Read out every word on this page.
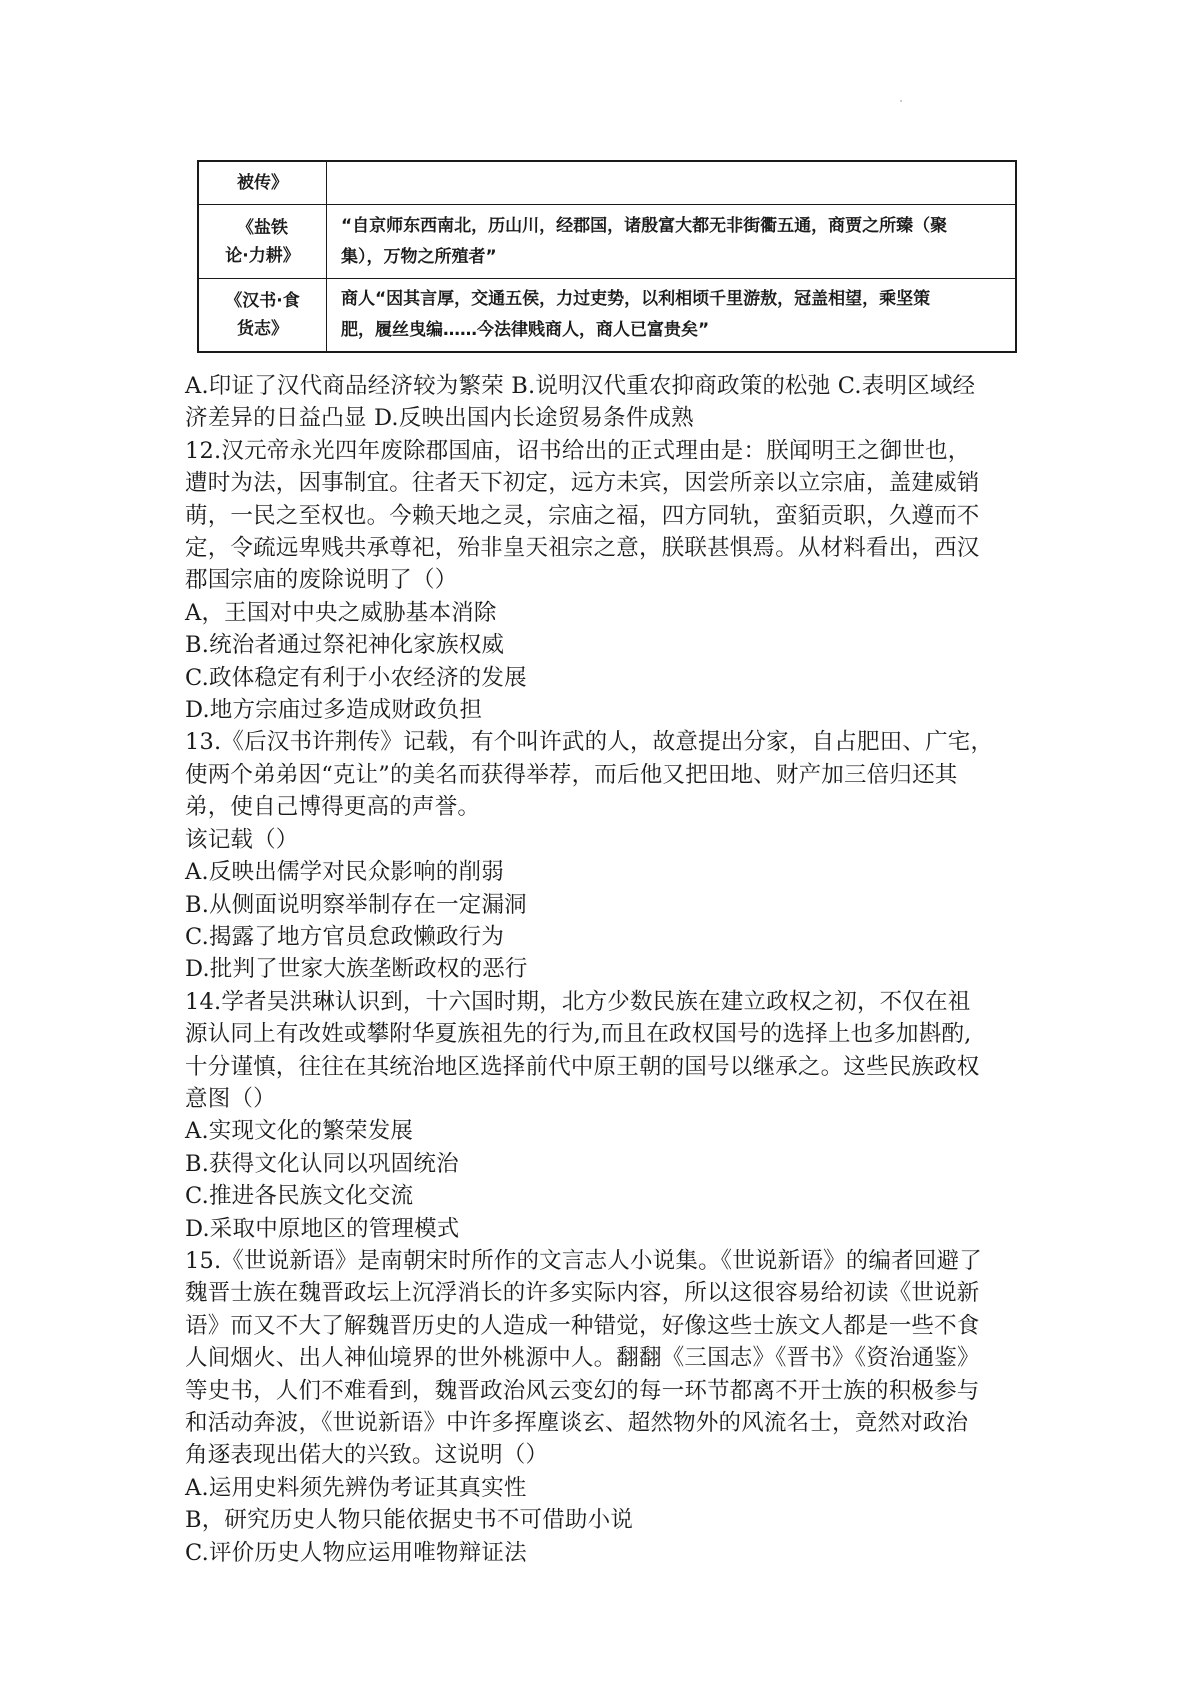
被传》	
《盐铁
论·力耕》	“自京师东西南北，历山川，经郡国，诸殷富大都无非街衢五通，商贾之所臻（聚
集），万物之所殖者”
《汉书·食
货志》	商人“因其言厚，交通五侯，力过吏势，以利相顷千里游敖，冠盖相望，乘坚策
肥，履丝曳编……今法律贱商人，商人已富贵矣”
A.印证了汉代商品经济较为繁荣 B.说明汉代重农抑商政策的松弛 C.表明区域经
济差异的日益凸显 D.反映出国内长途贸易条件成熟
12.汉元帝永光四年废除郡国庙，诏书给出的正式理由是：朕闻明王之御世也，
遭时为法，因事制宜。往者天下初定，远方未宾，因尝所亲以立宗庙，盖建威销
萌，一民之至权也。今赖天地之灵，宗庙之福，四方同轨，蛮貊贡职，久遵而不
定，令疏远卑贱共承尊祀，殆非皇天祖宗之意，朕联甚惧焉。从材料看出，西汉
郡国宗庙的废除说明了（）
A，王国对中央之威胁基本消除
B.统治者通过祭祀神化家族权威
C.政体稳定有利于小农经济的发展
D.地方宗庙过多造成财政负担
13.《后汉书许荆传》记载，有个叫许武的人，故意提出分家，自占肥田、广宅，
使两个弟弟因“克让”的美名而获得举荐，而后他又把田地、财产加三倍归还其
弟，使自己博得更高的声誉。
该记载（）
A.反映出儒学对民众影响的削弱
B.从侧面说明察举制存在一定漏洞
C.揭露了地方官员怠政懒政行为
D.批判了世家大族垄断政权的恶行
14.学者吴洪琳认识到，十六国时期，北方少数民族在建立政权之初，不仅在祖
源认同上有改姓或攀附华夏族祖先的行为,而且在政权国号的选择上也多加斟酌,
十分谨慎，往往在其统治地区选择前代中原王朝的国号以继承之。这些民族政权
意图（）
A.实现文化的繁荣发展
B.获得文化认同以巩固统治
C.推进各民族文化交流
D.采取中原地区的管理模式
15.《世说新语》是南朝宋时所作的文言志人小说集。《世说新语》的编者回避了
魏晋士族在魏晋政坛上沉浮消长的许多实际内容，所以这很容易给初读《世说新
语》而又不大了解魏晋历史的人造成一种错觉，好像这些士族文人都是一些不食
人间烟火、出人神仙境界的世外桃源中人。翻翻《三国志》《晋书》《资治通鉴》
等史书，人们不难看到，魏晋政治风云变幻的每一环节都离不开士族的积极参与
和活动奔波，《世说新语》中许多挥塵谈玄、超然物外的风流名士，竟然对政治
角逐表现出偌大的兴致。这说明（）
A.运用史料须先辨伪考证其真实性
B，研究历史人物只能依据史书不可借助小说
C.评价历史人物应运用唯物辩证法
